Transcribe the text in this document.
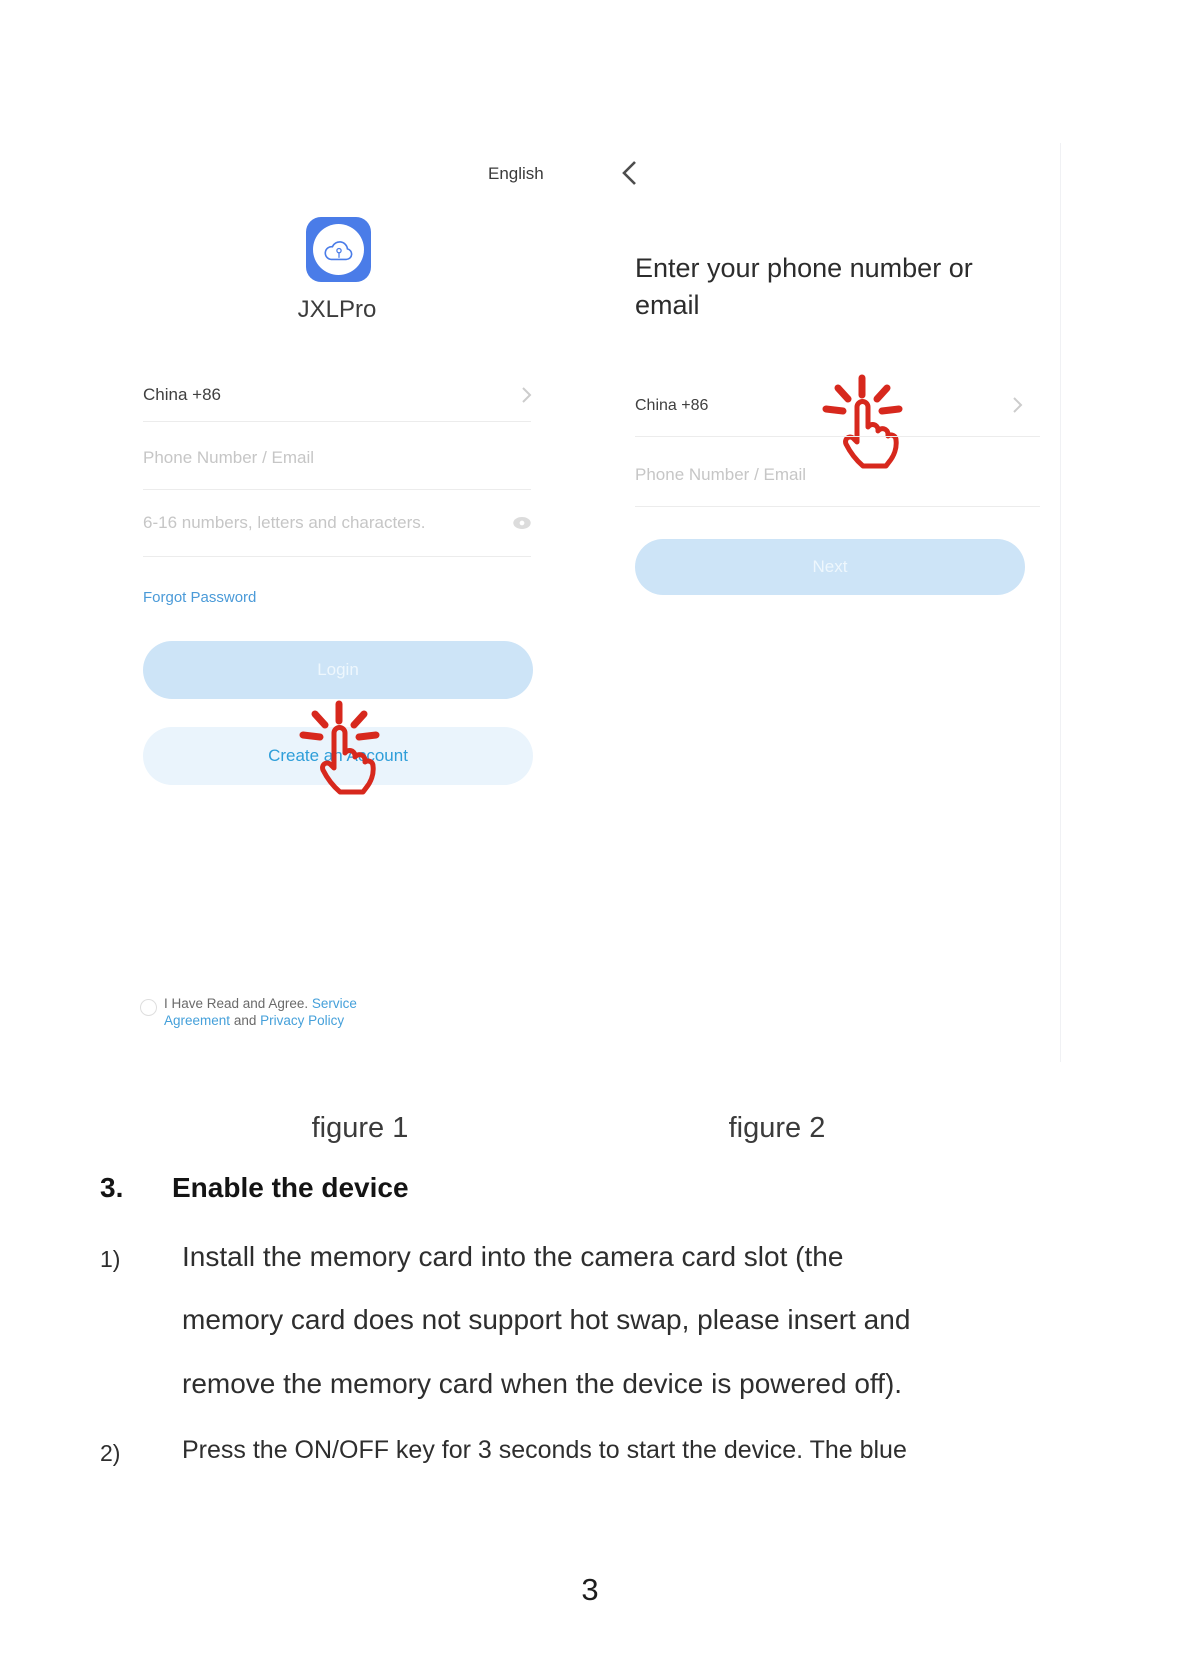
English
JXLPro
China +86
Phone Number / Email
6-16 numbers, letters and characters.
Forgot Password
Login
Create an Account
I Have Read and Agree. Service
Agreement and Privacy Policy
Enter your phone number or email
China +86
Phone Number / Email
Next
figure 1	figure 2
3. Enable the device
1) Install the memory card into the camera card slot (the
memory card does not support hot swap, please insert and
remove the memory card when the device is powered off).
2) Press the ON/OFF key for 3 seconds to start the device. The blue
3
